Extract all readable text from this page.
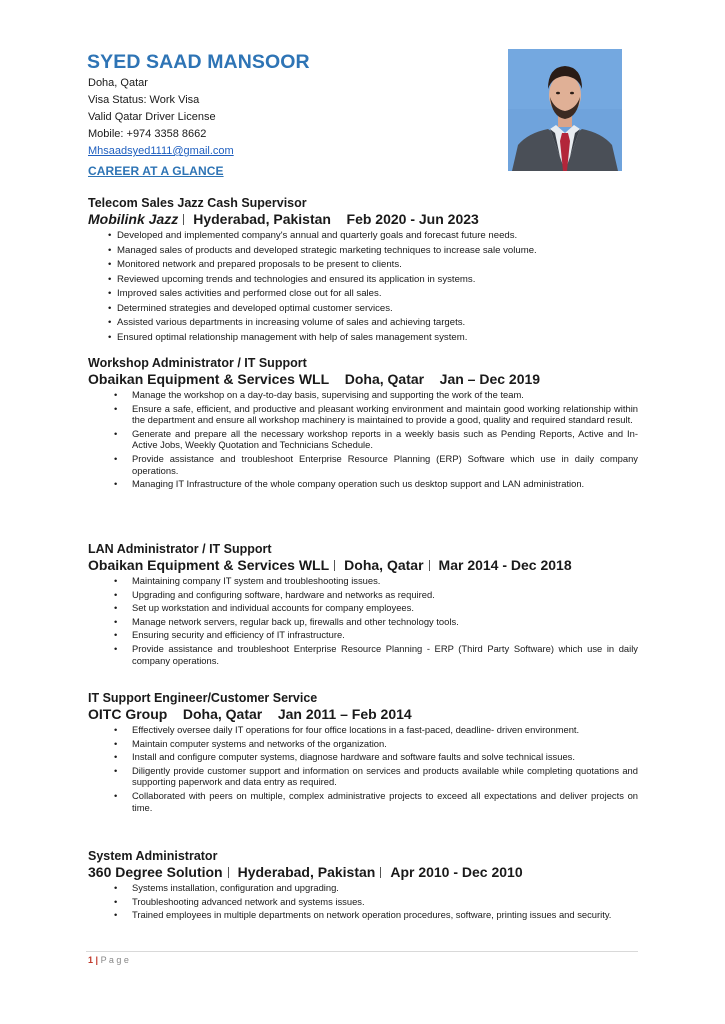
SYED SAAD MANSOOR
Doha, Qatar
Visa Status: Work Visa
Valid Qatar Driver License
Mobile: +974 3358 8662
Mhsaadsyed1111@gmail.com
CAREER AT A GLANCE
Telecom Sales Jazz Cash Supervisor
Mobilink Jazz Hyderabad, Pakistan Feb 2020 - Jun 2023
• Developed and implemented company's annual and quarterly goals and forecast future needs.
• Managed sales of products and developed strategic marketing techniques to increase sale volume.
• Monitored network and prepared proposals to be present to clients.
• Reviewed upcoming trends and technologies and ensured its application in systems.
• Improved sales activities and performed close out for all sales.
• Determined strategies and developed optimal customer services.
• Assisted various departments in increasing volume of sales and achieving targets.
• Ensured optimal relationship management with help of sales management system.
Workshop Administrator / IT Support
Obaikan Equipment & Services WLL Doha, Qatar Jan – Dec 2019
• Manage the workshop on a day-to-day basis, supervising and supporting the work of the team.
• Ensure a safe, efficient, and productive and pleasant working environment and maintain good working relationship within the department and ensure all workshop machinery is maintained to provide a good, quality and required standard result.
• Generate and prepare all the necessary workshop reports in a weekly basis such as Pending Reports, Active and In-Active Jobs, Weekly Quotation and Technicians Schedule.
• Provide assistance and troubleshoot Enterprise Resource Planning (ERP) Software which use in daily company operations.
• Managing IT Infrastructure of the whole company operation such us desktop support and LAN administration.
LAN Administrator / IT Support
Obaikan Equipment & Services WLL Doha, Qatar Mar 2014 - Dec 2018
• Maintaining company IT system and troubleshooting issues.
• Upgrading and configuring software, hardware and networks as required.
• Set up workstation and individual accounts for company employees.
• Manage network servers, regular back up, firewalls and other technology tools.
• Ensuring security and efficiency of IT infrastructure.
• Provide assistance and troubleshoot Enterprise Resource Planning - ERP (Third Party Software) which use in daily company operations.
IT Support Engineer/Customer Service
OITC Group Doha, Qatar Jan 2011 – Feb 2014
• Effectively oversee daily IT operations for four office locations in a fast-paced, deadline- driven environment.
• Maintain computer systems and networks of the organization.
• Install and configure computer systems, diagnose hardware and software faults and solve technical issues.
• Diligently provide customer support and information on services and products available while completing quotations and supporting paperwork and data entry as required.
• Collaborated with peers on multiple, complex administrative projects to exceed all expectations and deliver projects on time.
System Administrator
360 Degree Solution Hyderabad, Pakistan Apr 2010 - Dec 2010
• Systems installation, configuration and upgrading.
• Troubleshooting advanced network and systems issues.
• Trained employees in multiple departments on network operation procedures, software, printing issues and security.
1 | P a g e
